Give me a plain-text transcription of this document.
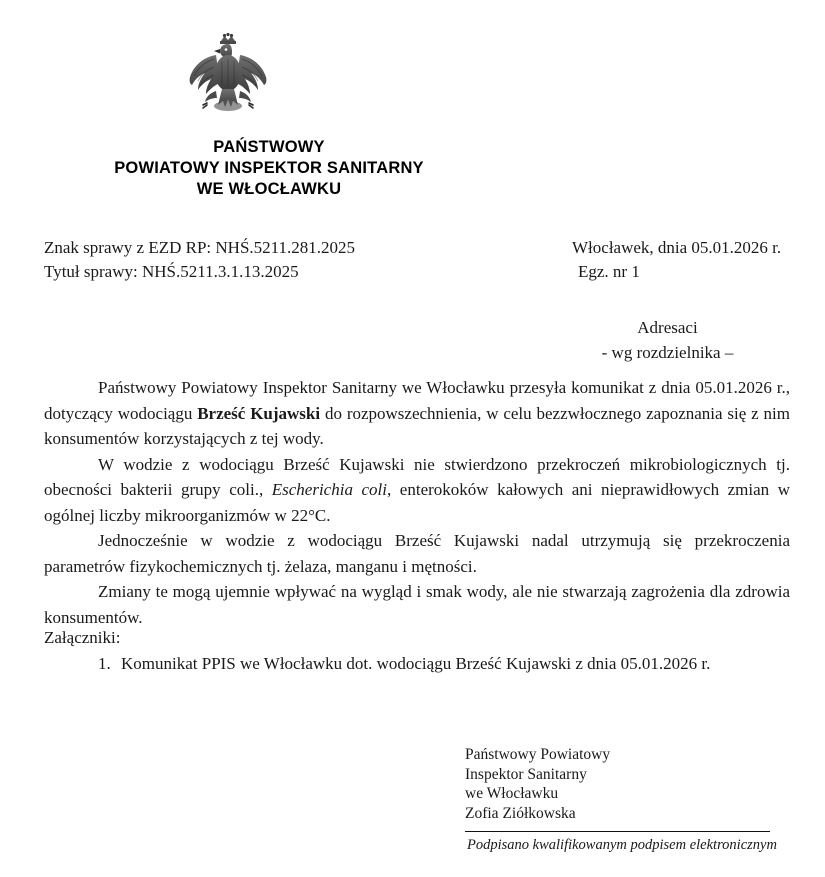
PAŃSTWOWY
POWIATOWY INSPEKTOR SANITARNY
WE WŁOCŁAWKU
Znak sprawy z EZD RP: NHŚ.5211.281.2025
Tytuł sprawy: NHŚ.5211.3.1.13.2025
Włocławek, dnia 05.01.2026 r.
Egz. nr 1
Adresaci
- wg rozdzielnika –

Państwowy Powiatowy Inspektor Sanitarny we Włocławku przesyła komunikat z dnia 05.01.2026 r., dotyczący wodociągu Brześć Kujawski do rozpowszechnienia, w celu bezzwłocznego zapoznania się z nim konsumentów korzystających z tej wody.

W wodzie z wodociągu Brześć Kujawski nie stwierdzono przekroczeń mikrobiologicznych tj. obecności bakterii grupy coli., Escherichia coli, enterokoków kałowych ani nieprawidłowych zmian w ogólnej liczby mikroorganizmów w 22°C.

Jednocześnie w wodzie z wodociągu Brześć Kujawski nadal utrzymują się przekroczenia parametrów fizykochemicznych tj. żelaza, manganu i mętności.

Zmiany te mogą ujemnie wpływać na wygląd i smak wody, ale nie stwarzają zagrożenia dla zdrowia konsumentów.

Załączniki:

1. Komunikat PPIS we Włocławku dot. wodociągu Brześć Kujawski z dnia 05.01.2026 r.
Państwowy Powiatowy
Inspektor Sanitarny
we Włocławku
Zofia Ziółkowska
Podpisano kwalifikowanym podpisem elektronicznym
